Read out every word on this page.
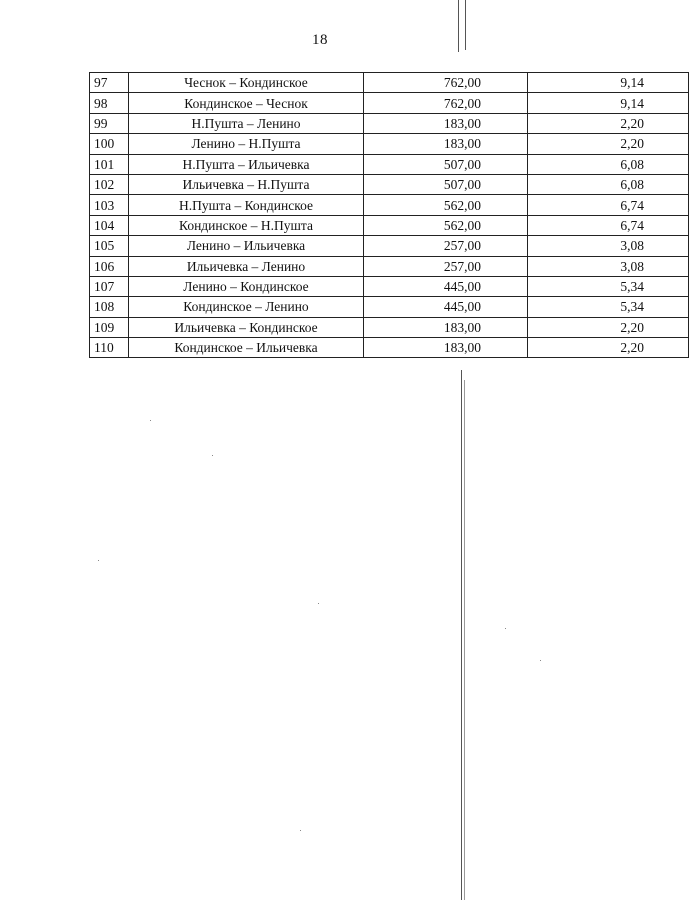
18
97	Чеснок – Кондинское	762,00	9,14
98	Кондинское – Чеснок	762,00	9,14
99	Н.Пушта – Ленино	183,00	2,20
100	Ленино – Н.Пушта	183,00	2,20
101	Н.Пушта – Ильичевка	507,00	6,08
102	Ильичевка – Н.Пушта	507,00	6,08
103	Н.Пушта – Кондинское	562,00	6,74
104	Кондинское – Н.Пушта	562,00	6,74
105	Ленино – Ильичевка	257,00	3,08
106	Ильичевка – Ленино	257,00	3,08
107	Ленино – Кондинское	445,00	5,34
108	Кондинское – Ленино	445,00	5,34
109	Ильичевка – Кондинское	183,00	2,20
110	Кондинское – Ильичевка	183,00	2,20
